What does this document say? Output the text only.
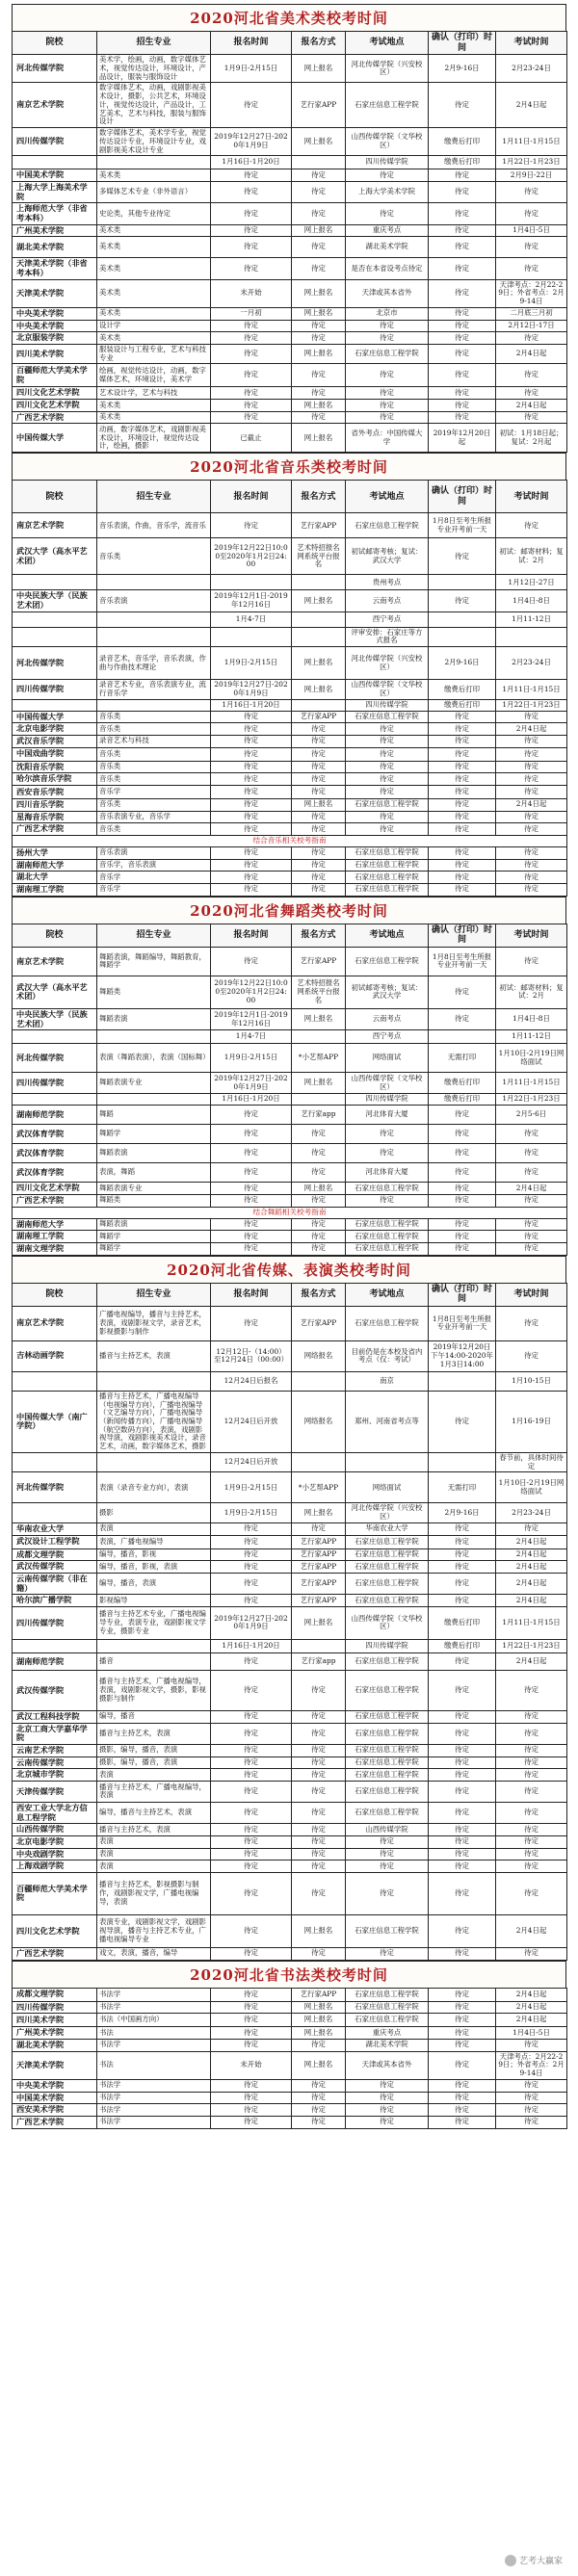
2020河北省美术类校考时间
院校	招生专业	报名时间	报名方式	考试地点	确认（打印）时间	考试时间
河北传媒学院	美术学，绘画，动画，数字媒体艺术，视觉传达设计，环境设计，产品设计，服装与服饰设计	1月9日-2月15日	网上报名	河北传媒学院（兴安校区）	2月9-16日	2月23-24日
南京艺术学院	数字媒体艺术，动画，戏剧影视美术设计，摄影，公共艺术，环境设计，视觉传达设计，产品设计，工艺美术，艺术与科技，服装与服饰设计	待定	艺行家APP	石家庄信息工程学院	待定	2月4日起
四川传媒学院	数字媒体艺术，美术学专业，视觉传达设计专业，环境设计专业，戏剧影视美术设计专业	2019年12月27日-2020年1月9日	网上报名	山西传媒学院（文华校区）	缴费后打印	1月11日-1月15日
		1月16日-1月20日		四川传媒学院	缴费后打印	1月22日-1月23日
中国美术学院	美术类	待定	待定	待定	待定	2月9日-22日
上海大学上海美术学院	多媒体艺术专业（非外语言）	待定	待定	上海大学美术学院	待定	待定
上海师范大学（非省考本科）	史论类，其他专业待定	待定	待定	待定	待定	待定
广州美术学院	美术类	待定	网上报名	重庆考点	待定	1月4日-5日
湖北美术学院	美术类	待定	待定	湖北美术学院	待定	待定
天津美术学院（非省考本科）	美术类	待定	待定	是否在本省设考点待定	待定	待定
天津美术学院	美术类	未开始	网上报名	天津或其本省外	待定	天津考点：2月22-29日；外省考点：2月9-14日
中央美术学院	美术类	一月初	网上报名	北京市	待定	二月底三月初
中央美术学院	设计学	待定	待定	待定	待定	2月12日-17日
北京服装学院	美术类	待定	待定	待定	待定	待定
四川美术学院	服装设计与工程专业，艺术与科技专业	待定	网上报名	石家庄信息工程学院	待定	2月4日起
百疆师范大学美术学院	绘画，视觉传达设计，动画，数字媒体艺术，环境设计，美术学	待定	待定	待定	待定	待定
四川文化艺术学院	艺术设计学，艺术与科技	待定	待定	待定	待定	待定
四川文化艺术学院	美术类	待定	网上报名	待定	待定	2月4日起
广西艺术学院	美术类	待定	待定	待定	待定	待定
中国传媒大学	动画，数字媒体艺术，戏剧影视美术设计，环境设计，视觉传达设计，绘画，摄影	已截止	网上报名	省外考点：中国传媒大学	2019年12月20日起	初试：1月18日起；复试：2月起
2020河北省音乐类校考时间
院校	招生专业	报名时间	报名方式	考试地点	确认（打印）时间	考试时间
南京艺术学院	音乐表演，作曲，音乐学，流音乐	待定	艺行家APP	石家庄信息工程学院	1月8日至考生所报专业开考前一天	待定
武汉大学（高水平艺术团）	音乐类	2019年12月22日10:00至2020年1月2日24:00	艺术特招报名网系统平台报名	初试邮寄考核；复试：武汉大学	待定	初试：邮寄材料；复试：2月
				贵州考点		1月12日-27日
中央民族大学（民族艺术团）	音乐表演	2019年12月1日-2019年12月16日	网上报名	云南考点	待定	1月4日-8日
		1月4-7日		西宁考点		1月11-12日
				评审安排：石家庄等方式报名		
河北传媒学院	录音艺术，音乐学，音乐表演，作曲与作曲技术理论	1月9日-2月15日	网上报名	河北传媒学院（兴安校区）	2月9-16日	2月23-24日
四川传媒学院	录音艺术专业，音乐表演专业，流行音乐学	2019年12月27日-2020年1月9日	网上报名	山西传媒学院（文华校区）	缴费后打印	1月11日-1月15日
		1月16日-1月20日		四川传媒学院	缴费后打印	1月22日-1月23日
中国传媒大学	音乐类	待定	艺行家APP	石家庄信息工程学院	待定	待定
北京电影学院	音乐类	待定	待定	待定	待定	2月4日起
武汉音乐学院	录音艺术与科技	待定	待定	待定	待定	待定
中国戏曲学院	音乐类	待定	待定	待定	待定	待定
沈阳音乐学院	音乐类	待定	待定	待定	待定	待定
哈尔滨音乐学院	音乐类	待定	待定	待定	待定	待定
西安音乐学院	音乐学	待定	待定	待定	待定	待定
四川音乐学院	音乐类	待定	网上报名	石家庄信息工程学院	待定	2月4日起
星海音乐学院	音乐表演专业，音乐学	待定	待定	待定	待定	待定
广西艺术学院	音乐类	待定	待定	待定	待定	待定
结合音乐相关校考指南						
扬州大学	音乐表演	待定	待定	石家庄信息工程学院	待定	待定
湖南师范大学	音乐学，音乐表演	待定	待定	石家庄信息工程学院	待定	待定
湖北大学	音乐学	待定	待定	石家庄信息工程学院	待定	待定
湖南理工学院	音乐学	待定	待定	石家庄信息工程学院	待定	待定
2020河北省舞蹈类校考时间
院校	招生专业	报名时间	报名方式	考试地点	确认（打印）时间	考试时间
南京艺术学院	舞蹈表演，舞蹈编导，舞蹈教育，舞蹈学	待定	艺行家APP	石家庄信息工程学院	1月8日至考生所报专业开考前一天	待定
武汉大学（高水平艺术团）	舞蹈类	2019年12月22日10:00至2020年1月2日24:00	艺术特招报名网系统平台报名	初试邮寄考核；复试：武汉大学	待定	初试：邮寄材料；复试：2月
中央民族大学（民族艺术团）	舞蹈表演	2019年12月1日-2019年12月16日	网上报名	云南考点	待定	1月4日-8日
		1月4-7日		西宁考点		1月11-12日
河北传媒学院	表演（舞蹈表演），表演（国标舞）	1月9日-2月15日	*小艺帮APP	网络面试	无需打印	1月10日-2月19日网络面试
四川传媒学院	舞蹈表演专业	2019年12月27日-2020年1月9日	网上报名	山西传媒学院（文华校区）	缴费后打印	1月11日-1月15日
		1月16日-1月20日		四川传媒学院	缴费后打印	1月22日-1月23日
湖南师范学院	舞蹈	待定	艺行家app	河北体育大厦	待定	2月5-6日
武汉体育学院	舞蹈学	待定	待定	待定	待定	待定
武汉体育学院	舞蹈表演	待定	待定	待定	待定	待定
武汉体育学院	表演，舞蹈	待定	待定	河北体育大厦	待定	待定
四川文化艺术学院	舞蹈表演专业	待定	网上报名	石家庄信息工程学院	待定	2月4日起
广西艺术学院	舞蹈类	待定	待定	待定	待定	待定
结合舞蹈相关校考指南						
湖南师范大学	舞蹈表演	待定	待定	石家庄信息工程学院	待定	待定
湖南理工学院	舞蹈学	待定	待定	石家庄信息工程学院	待定	待定
湖南文理学院	舞蹈学	待定	待定	石家庄信息工程学院	待定	待定
2020河北省传媒、表演类校考时间
院校	招生专业	报名时间	报名方式	考试地点	确认（打印）时间	考试时间
南京艺术学院	广播电视编导，播音与主持艺术，表演，戏剧影视文学，录音艺术，影视摄影与制作	待定	艺行家APP	石家庄信息工程学院	1月8日至考生所报专业开考前一天	待定
吉林动画学院	播音与主持艺术，表演	12月12日-（14:00）至12月24日（00:00）	网络报名	目前仍是在本校及省内考点（仅：考试）	2019年12月20日下午14:00-2020年1月3日14:00	待定
		12月24日后报名		南京		1月10-15日
中国传媒大学（南广学院）	播音与主持艺术，广播电视编导（电视编导方向），广播电视编导（文艺编导方向），广播电视编导（新闻传播方向），广播电视编导（航空数码方向），表演，戏剧影视导演，戏剧影视美术设计，录音艺术，动画，数字媒体艺术，摄影	12月24日后开放	网络报名	郑州、河南省考点等	待定	1月16-19日
		12月24日后开放				春节前，具体时间待定
河北传媒学院	表演（录音专业方向），表演	1月9日-2月15日	*小艺帮APP	网络面试	无需打印	1月10日-2月19日网络面试
	摄影	1月9日-2月15日	网上报名	河北传媒学院（兴安校区）	2月9-16日	2月23-24日
华南农业大学	表演	待定	待定	华南农业大学	待定	待定
武汉设计工程学院	表演，广播电视编导	待定	艺行家APP	石家庄信息工程学院	待定	2月4日起
成都文理学院	编导，播音，影视	待定	艺行家APP	石家庄信息工程学院	待定	2月4日起
武汉传媒学院	编导，播音，影视，表演	待定	艺行家APP	石家庄信息工程学院	待定	2月4日起
云南传媒学院（非在籍）	编导，播音，表演	待定	艺行家APP	石家庄信息工程学院	待定	2月4日起
哈尔滨广播学院	影视编导	待定	艺行家APP	石家庄信息工程学院	待定	2月4日起
四川传媒学院	播音与主持艺术专业，广播电视编导专业，表演专业，戏剧影视文学专业，摄影专业	2019年12月27日-2020年1月9日	网上报名	山西传媒学院（文华校区）	缴费后打印	1月11日-1月15日
		1月16日-1月20日		四川传媒学院	缴费后打印	1月22日-1月23日
湖南师范学院	播音	待定	艺行家app	石家庄信息工程学院	待定	2月4日起
武汉传媒学院	播音与主持艺术，广播电视编导，表演，戏剧影视文学，摄影，影视摄影与制作	待定	待定	石家庄信息工程学院	待定	待定
武汉工程科技学院	编导，播音	待定	待定	石家庄信息工程学院	待定	待定
北京工商大学嘉华学院	播音与主持艺术，表演	待定	待定	石家庄信息工程学院	待定	待定
云南艺术学院	摄影，编导，播音，表演	待定	待定	石家庄信息工程学院	待定	待定
云南传媒学院	摄影，编导，播音，表演	待定	待定	石家庄信息工程学院	待定	待定
北京城市学院	表演	待定	待定	石家庄信息工程学院	待定	待定
天津传媒学院	播音与主持艺术，广播电视编导，表演	待定	待定	石家庄信息工程学院	待定	待定
西安工业大学北方信息工程学院	编导，播音与主持艺术，表演	待定	待定	石家庄信息工程学院	待定	待定
山西传媒学院	播音与主持艺术，表演	待定	待定	山西传媒学院	待定	待定
北京电影学院	表演	待定	待定	待定	待定	待定
中央戏剧学院	表演	待定	待定	待定	待定	待定
上海戏剧学院	表演	待定	待定	待定	待定	待定
百疆师范大学美术学院	播音与主持艺术，影视摄影与制作，戏剧影视文学，广播电视编导，表演	待定	待定	待定	待定	待定
四川文化艺术学院	表演专业，戏剧影视文学，戏剧影视导演，播音与主持艺术专业，广播电视编导专业	待定	网上报名	石家庄信息工程学院	待定	2月4日起
广西艺术学院	戏文，表演，播音，编导	待定	待定	待定	待定	待定
2020河北省书法类校考时间
成都文理学院	书法学	待定	艺行家APP	石家庄信息工程学院	待定	2月4日起
四川传媒学院	书法学	待定	网上报名	石家庄信息工程学院	待定	2月4日起
四川美术学院	书法（中国画方向）	待定	网上报名	石家庄信息工程学院	待定	2月4日起
广州美术学院	书法	待定	网上报名	重庆考点	待定	1月4日-5日
湖北美术学院	书法学	待定	待定	湖北美术学院	待定	待定
天津美术学院	书法	未开始	网上报名	天津或其本省外	待定	天津考点：2月22-29日；外省考点：2月9-14日
中央美术学院	书法学	待定	待定	待定	待定	待定
中国美术学院	书法学	待定	待定	待定	待定	待定
西安美术学院	书法学	待定	待定	待定	待定	待定
广西艺术学院	书法学	待定	待定	待定	待定	待定
艺考大赢家
